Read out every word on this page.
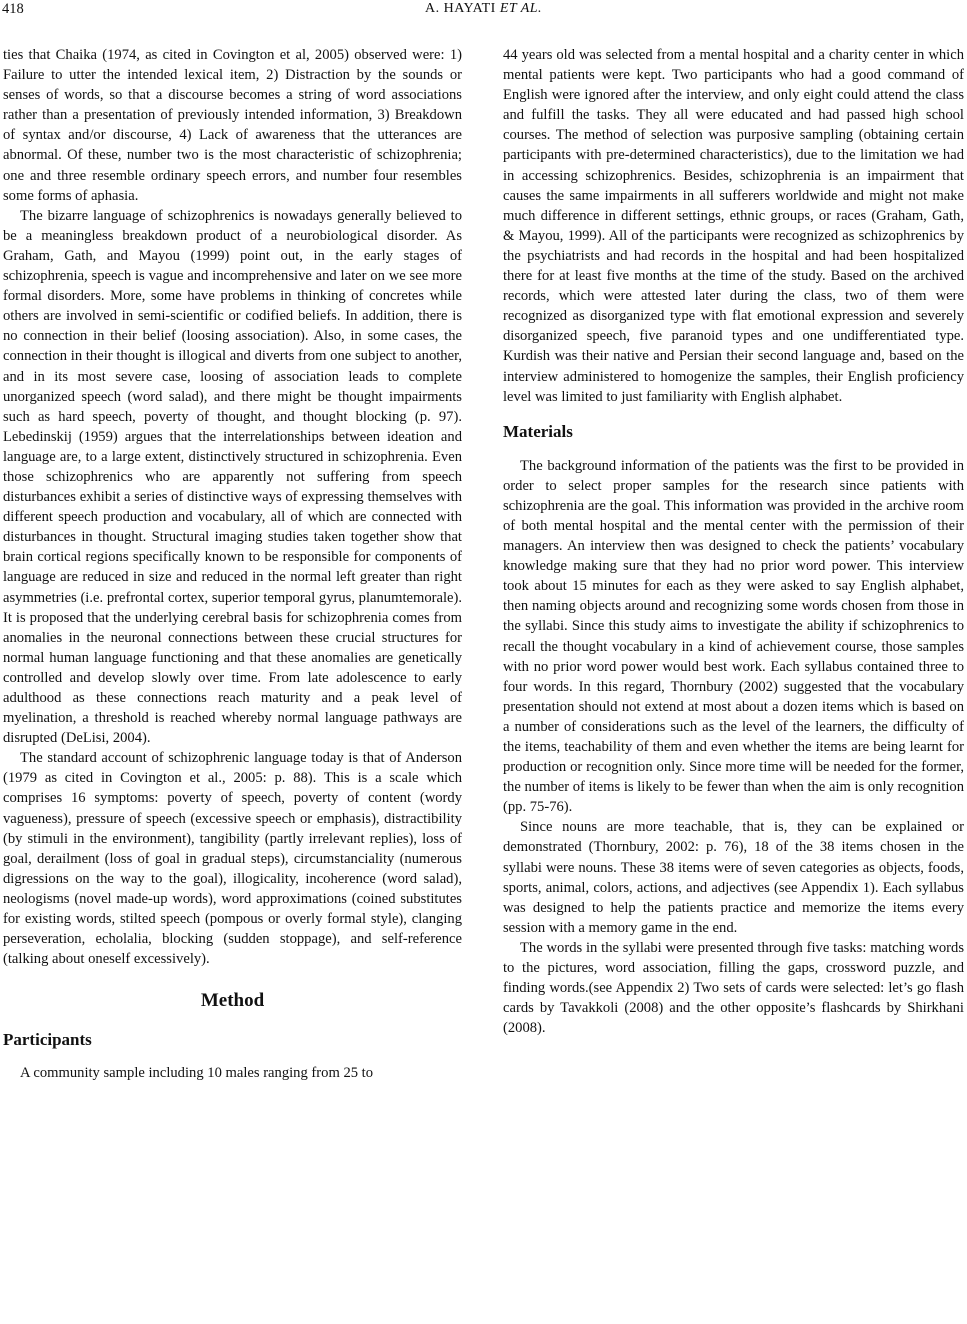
418	A. HAYATI ET AL.

ties that Chaika (1974, as cited in Covington et al, 2005) observed were: 1) Failure to utter the intended lexical item, 2) Distraction by the sounds or senses of words, so that a discourse becomes a string of word associations rather than a presentation of previously intended information, 3) Breakdown of syntax and/or discourse, 4) Lack of awareness that the utterances are abnormal. Of these, number two is the most characteristic of schizophrenia; one and three resemble ordinary speech errors, and number four resembles some forms of aphasia.

The bizarre language of schizophrenics is nowadays generally believed to be a meaningless breakdown product of a neurobiological disorder. As Graham, Gath, and Mayou (1999) point out, in the early stages of schizophrenia, speech is vague and incomprehensive and later on we see more formal disorders. More, some have problems in thinking of concretes while others are involved in semi-scientific or codified beliefs. In addition, there is no connection in their belief (loosing association). Also, in some cases, the connection in their thought is illogical and diverts from one subject to another, and in its most severe case, loosing of association leads to complete unorganized speech (word salad), and there might be thought impairments such as hard speech, poverty of thought, and thought blocking (p. 97). Lebedinskij (1959) argues that the interrelationships between ideation and language are, to a large extent, distinctively structured in schizophrenia. Even those schizophrenics who are apparently not suffering from speech disturbances exhibit a series of distinctive ways of expressing themselves with different speech production and vocabulary, all of which are connected with disturbances in thought. Structural imaging studies taken together show that brain cortical regions specifically known to be responsible for components of language are reduced in size and reduced in the normal left greater than right asymmetries (i.e. prefrontal cortex, superior temporal gyrus, planumtemorale). It is proposed that the underlying cerebral basis for schizophrenia comes from anomalies in the neuronal connections between these crucial structures for normal human language functioning and that these anomalies are genetically controlled and develop slowly over time. From late adolescence to early adulthood as these connections reach maturity and a peak level of myelination, a threshold is reached whereby normal language pathways are disrupted (DeLisi, 2004).

The standard account of schizophrenic language today is that of Anderson (1979 as cited in Covington et al., 2005: p. 88). This is a scale which comprises 16 symptoms: poverty of speech, poverty of content (wordy vagueness), pressure of speech (excessive speech or emphasis), distractibility (by stimuli in the environment), tangibility (partly irrelevant replies), loss of goal, derailment (loss of goal in gradual steps), circumstanciality (numerous digressions on the way to the goal), illogicality, incoherence (word salad), neologisms (novel made-up words), word approximations (coined substitutes for existing words, stilted speech (pompous or overly formal style), clanging perseveration, echolalia, blocking (sudden stoppage), and self-reference (talking about oneself excessively).

Method
Participants

A community sample including 10 males ranging from 25 to

44 years old was selected from a mental hospital and a charity center in which mental patients were kept. Two participants who had a good command of English were ignored after the interview, and only eight could attend the class and fulfill the tasks. They all were educated and had passed high school courses. The method of selection was purposive sampling (obtaining certain participants with pre-determined characteristics), due to the limitation we had in accessing schizophrenics. Besides, schizophrenia is an impairment that causes the same impairments in all sufferers worldwide and might not make much difference in different settings, ethnic groups, or races (Graham, Gath, & Mayou, 1999). All of the participants were recognized as schizophrenics by the psychiatrists and had records in the hospital and had been hospitalized there for at least five months at the time of the study. Based on the archived records, which were attested later during the class, two of them were recognized as disorganized type with flat emotional expression and severely disorganized speech, five paranoid types and one undifferentiated type. Kurdish was their native and Persian their second language and, based on the interview administered to homogenize the samples, their English proficiency level was limited to just familiarity with English alphabet.

Materials

The background information of the patients was the first to be provided in order to select proper samples for the research since patients with schizophrenia are the goal. This information was provided in the archive room of both mental hospital and the mental center with the permission of their managers. An interview then was designed to check the patients’ vocabulary knowledge making sure that they had no prior word power. This interview took about 15 minutes for each as they were asked to say English alphabet, then naming objects around and recognizing some words chosen from those in the syllabi. Since this study aims to investigate the ability if schizophrenics to recall the thought vocabulary in a kind of achievement course, those samples with no prior word power would best work. Each syllabus contained three to four words. In this regard, Thornbury (2002) suggested that the vocabulary presentation should not extend at most about a dozen items which is based on a number of considerations such as the level of the learners, the difficulty of the items, teachability of them and even whether the items are being learnt for production or recognition only. Since more time will be needed for the former, the number of items is likely to be fewer than when the aim is only recognition (pp. 75-76).

Since nouns are more teachable, that is, they can be explained or demonstrated (Thornbury, 2002: p. 76), 18 of the 38 items chosen in the syllabi were nouns. These 38 items were of seven categories as objects, foods, sports, animal, colors, actions, and adjectives (see Appendix 1). Each syllabus was designed to help the patients practice and memorize the items every session with a memory game in the end.

The words in the syllabi were presented through five tasks: matching words to the pictures, word association, filling the gaps, crossword puzzle, and finding words.(see Appendix 2) Two sets of cards were selected: let’s go flash cards by Tavakkoli (2008) and the other opposite’s flashcards by Shirkhani (2008).
